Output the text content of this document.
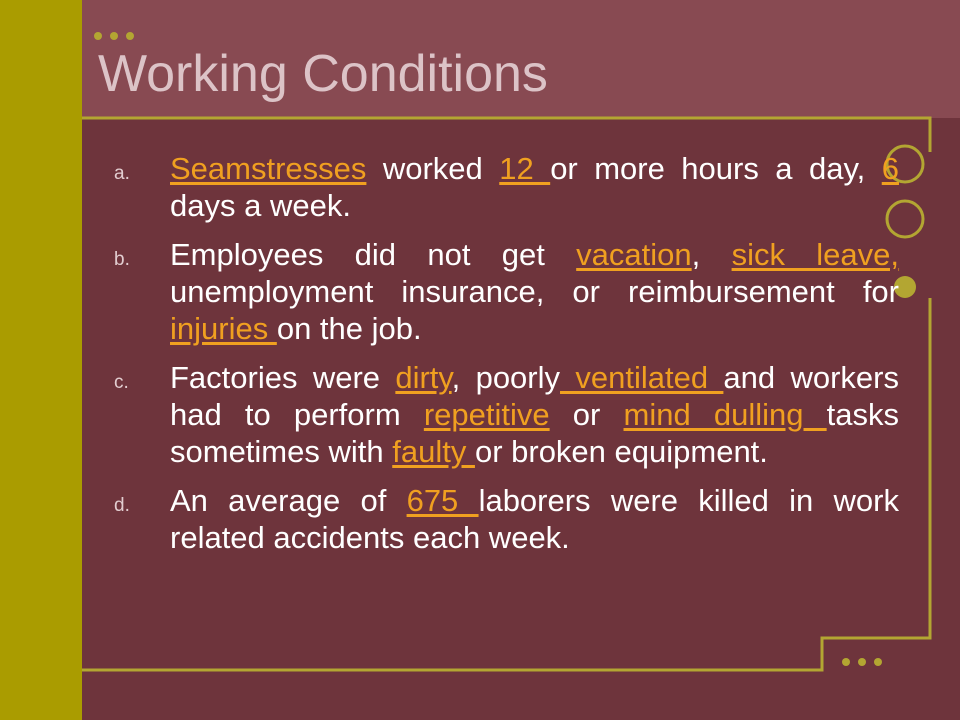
Working Conditions
a.	Seamstresses worked 12 or more hours a day, 6 days a week.
b.	Employees did not get vacation, sick leave, unemployment insurance, or reimbursement for injuries on the job.
c.	Factories were dirty, poorly ventilated and workers had to perform repetitive or mind dulling tasks sometimes with faulty or broken equipment.
d.	An average of 675 laborers were killed in work related accidents each week.
